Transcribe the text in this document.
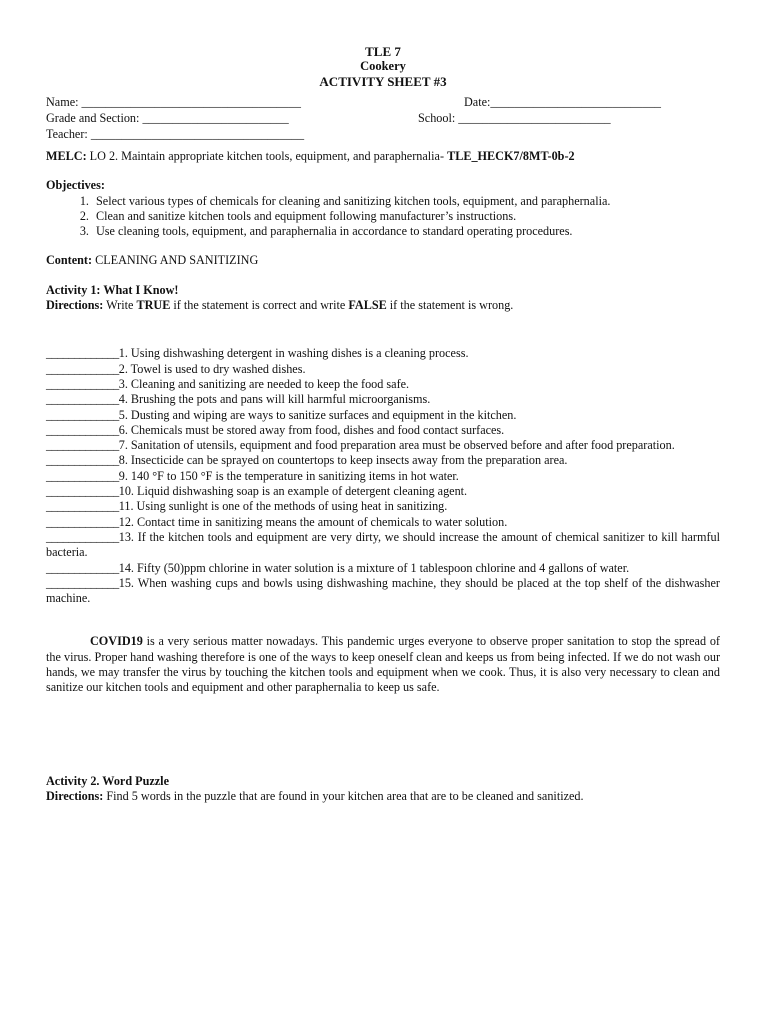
TLE 7
Cookery
ACTIVITY SHEET #3
Name: ____________________________________	Date:____________________________
Grade and Section: ________________________	School: _________________________
Teacher: ___________________________________
MELC: LO 2. Maintain appropriate kitchen tools, equipment, and paraphernalia- TLE_HECK7/8MT-0b-2
Objectives:
1. Select various types of chemicals for cleaning and sanitizing kitchen tools, equipment, and paraphernalia.
2. Clean and sanitize kitchen tools and equipment following manufacturer’s instructions.
3. Use cleaning tools, equipment, and paraphernalia in accordance to standard operating procedures.
Content: CLEANING AND SANITIZING
Activity 1: What I Know!
Directions: Write TRUE if the statement is correct and write FALSE if the statement is wrong.
_____________1. Using dishwashing detergent in washing dishes is a cleaning process.
_____________2. Towel is used to dry washed dishes.
_____________3. Cleaning and sanitizing are needed to keep the food safe.
_____________4. Brushing the pots and pans will kill harmful microorganisms.
_____________5. Dusting and wiping are ways to sanitize surfaces and equipment in the kitchen.
_____________6. Chemicals must be stored away from food, dishes and food contact surfaces.
_____________7. Sanitation of utensils, equipment and food preparation area must be observed before and after food preparation.
_____________8. Insecticide can be sprayed on countertops to keep insects away from the preparation area.
_____________9. 140 °F to 150 °F is the temperature in sanitizing items in hot water.
_____________10. Liquid dishwashing soap is an example of detergent cleaning agent.
_____________11. Using sunlight is one of the methods of using heat in sanitizing.
_____________12. Contact time in sanitizing means the amount of chemicals to water solution.
_____________13. If the kitchen tools and equipment are very dirty, we should increase the amount of chemical sanitizer to kill harmful bacteria.
_____________14. Fifty (50)ppm chlorine in water solution is a mixture of 1 tablespoon chlorine and 4 gallons of water.
_____________15. When washing cups and bowls using dishwashing machine, they should be placed at the top shelf of the dishwasher machine.
COVID19 is a very serious matter nowadays. This pandemic urges everyone to observe proper sanitation to stop the spread of the virus. Proper hand washing therefore is one of the ways to keep oneself clean and keeps us from being infected. If we do not wash our hands, we may transfer the virus by touching the kitchen tools and equipment when we cook. Thus, it is also very necessary to clean and sanitize our kitchen tools and equipment and other paraphernalia to keep us safe.
Activity 2. Word Puzzle
Directions: Find 5 words in the puzzle that are found in your kitchen area that are to be cleaned and sanitized.
